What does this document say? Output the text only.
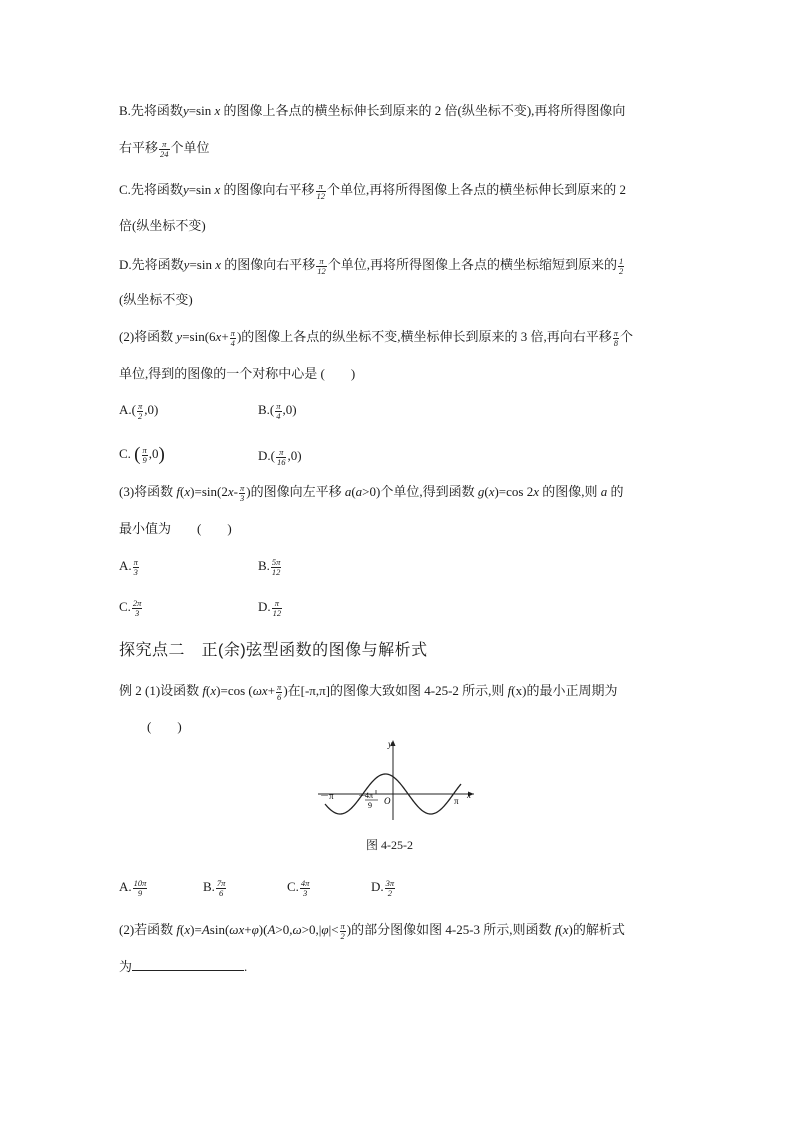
B.先将函数y=sin x 的图像上各点的横坐标伸长到原来的 2 倍(纵坐标不变),再将所得图像向
右平移 $\frac{\pi}{24}$ 个单位
C.先将函数y=sin x 的图像向右平移 $\frac{\pi}{12}$ 个单位,再将所得图像上各点的横坐标伸长到原来的 2
倍(纵坐标不变)
D.先将函数y=sin x 的图像向右平移 $\frac{\pi}{12}$ 个单位,再将所得图像上各点的横坐标缩短到原来的 $\frac{1}{2}$
(纵坐标不变)
(2)将函数 $y=\sin(6x+ \frac{\pi}{4}$ )的图像上各点的纵坐标不变,横坐标伸长到原来的 3 倍,再向右平移 $\frac{\pi}{8}$ 个
单位,得到的图像的一个对称中心是 (　　)
$A.( \frac{\pi}{2} ,0)$	$B.( \frac{\pi}{4} ,0)$
C. ( $\frac{\pi}{9} ,0$)	$D.( \frac{\pi}{16} ,0)$
(3)将函数 $f(x)=\sin(2x- \frac{\pi}{3}$ )的图像向左平移 a(a>0)个单位,得到函数 g(x)=cos 2x 的图像,则 a 的
最小值为　　(　　)
A. $\frac{\pi}{3}$	B. $\frac{5\pi}{12}$
C. $\frac{2\pi}{3}$	D. $\frac{\pi}{12}$
探究点二　正(余)弦型函数的图像与解析式
例 2 (1)设函数 f(x)=cos ($\omega x+ \frac{\pi}{6}$ )在[-π,π]的图像大致如图 4-25-2 所示,则 f(x)的最小正周期为
(　　)
y
x
O
－π	π
－
4π
9
图 4-25-2
A. $\frac{10\pi}{9}$	B. $\frac{7\pi}{6}$	C. $\frac{4\pi}{3}$	D. $\frac{3\pi}{2}$
(2)若函数 $f(x)=Asin(\omega x+\varphi)(A>0,\omega>0,|\varphi|< \frac{\pi}{2}$ )的部分图像如图 4-25-3 所示,则函数 f(x)的解析式
为	.
